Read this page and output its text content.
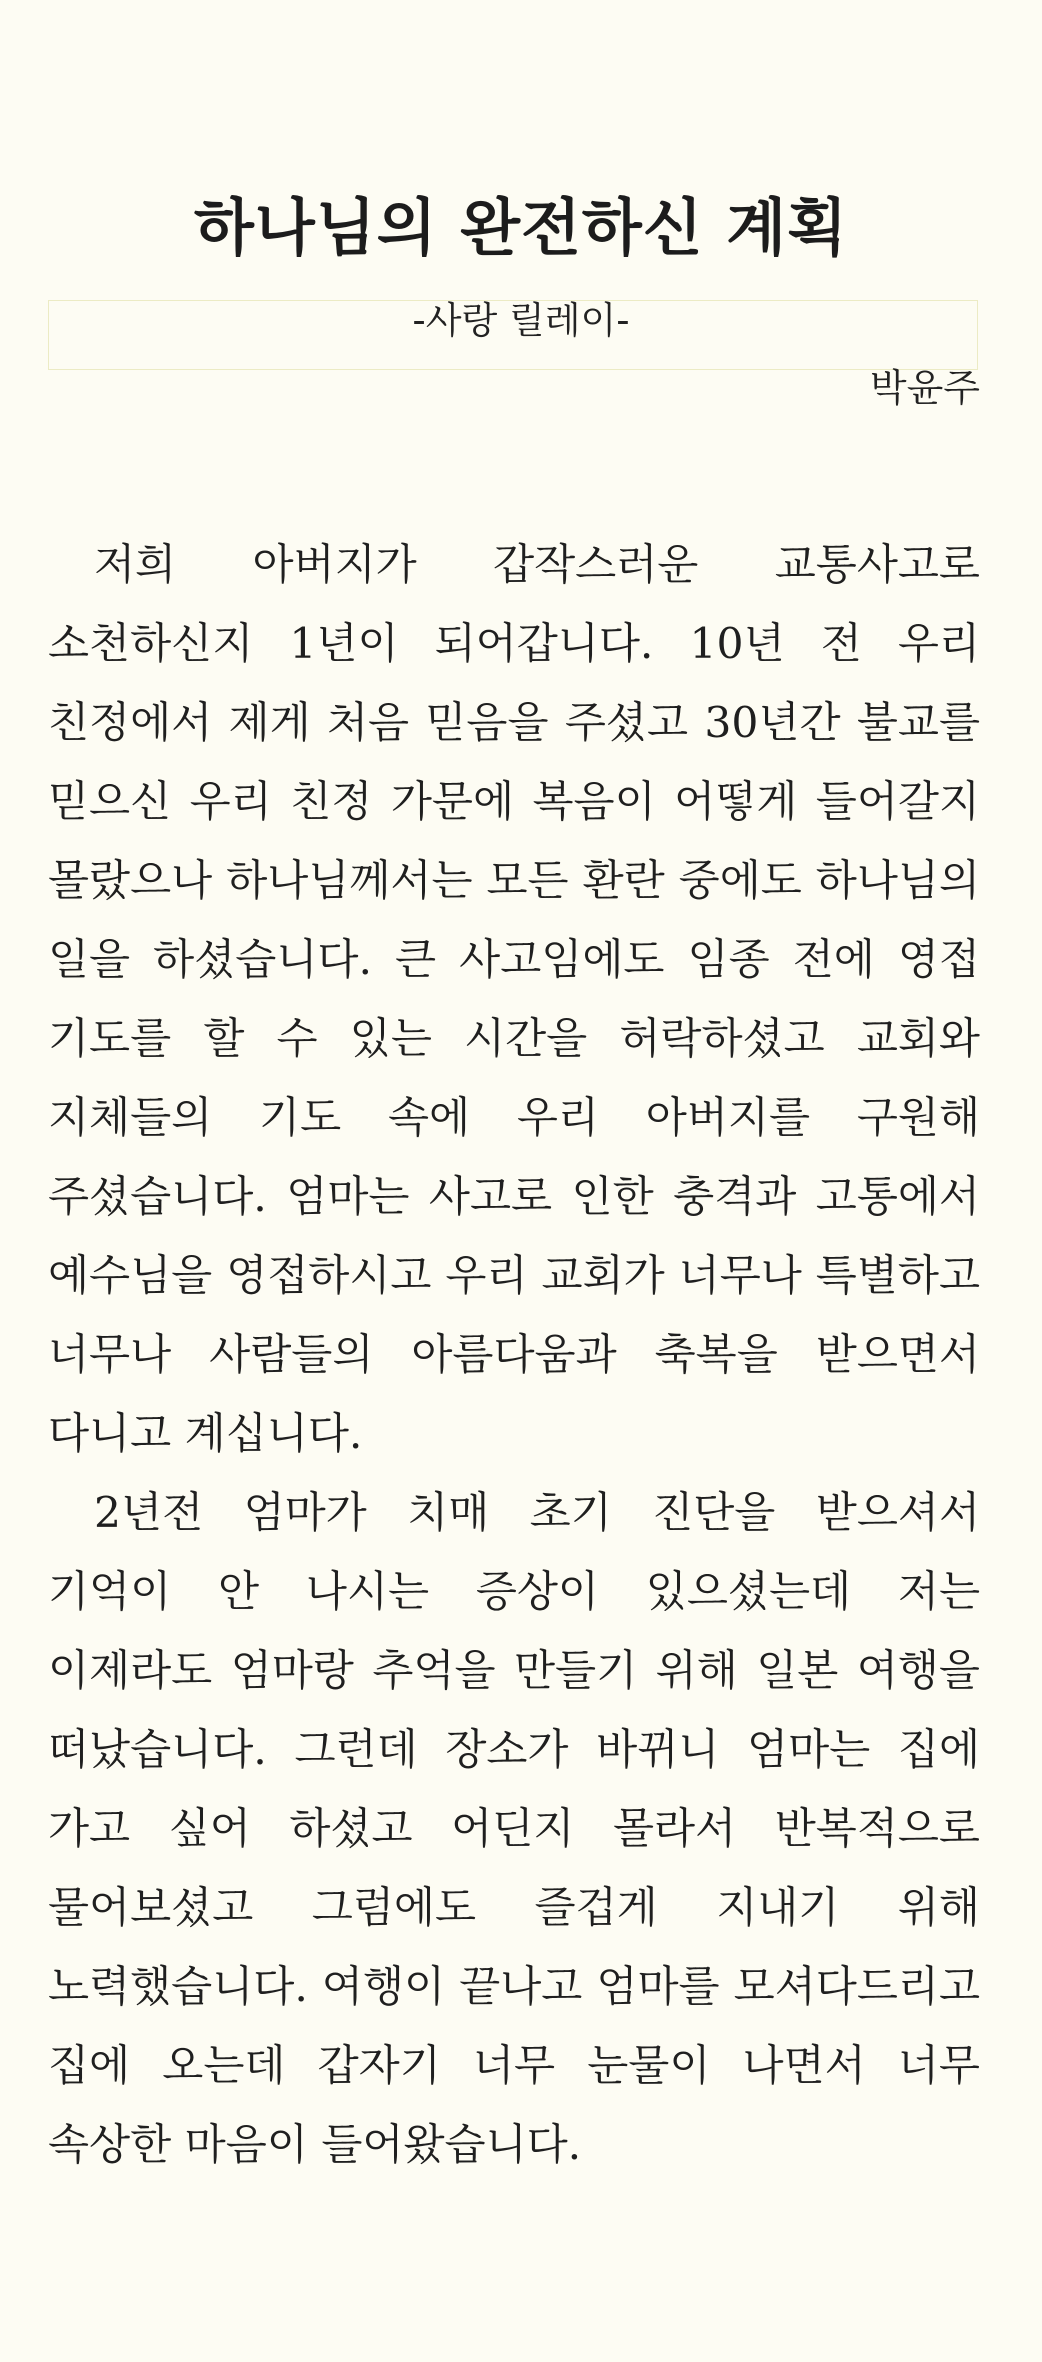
하나님의 완전하신 계획
-사랑 릴레이-
박윤주

저희 아버지가 갑작스러운 교통사고로 소천하신지 1년이 되어갑니다. 10년 전 우리 친정에서 제게 처음 믿음을 주셨고 30년간 불교를 믿으신 우리 친정 가문에 복음이 어떻게 들어갈지 몰랐으나 하나님께서는 모든 환란 중에도 하나님의 일을 하셨습니다. 큰 사고임에도 임종 전에 영접 기도를 할 수 있는 시간을 허락하셨고 교회와 지체들의 기도 속에 우리 아버지를 구원해 주셨습니다. 엄마는 사고로 인한 충격과 고통에서 예수님을 영접하시고 우리 교회가 너무나 특별하고 너무나 사람들의 아름다움과 축복을 받으면서 다니고 계십니다.

2년전 엄마가 치매 초기 진단을 받으셔서 기억이 안 나시는 증상이 있으셨는데 저는 이제라도 엄마랑 추억을 만들기 위해 일본 여행을 떠났습니다. 그런데 장소가 바뀌니 엄마는 집에 가고 싶어 하셨고 어딘지 몰라서 반복적으로 물어보셨고 그럼에도 즐겁게 지내기 위해 노력했습니다. 여행이 끝나고 엄마를 모셔다드리고 집에 오는데 갑자기 너무 눈물이 나면서 너무 속상한 마음이 들어왔습니다.
